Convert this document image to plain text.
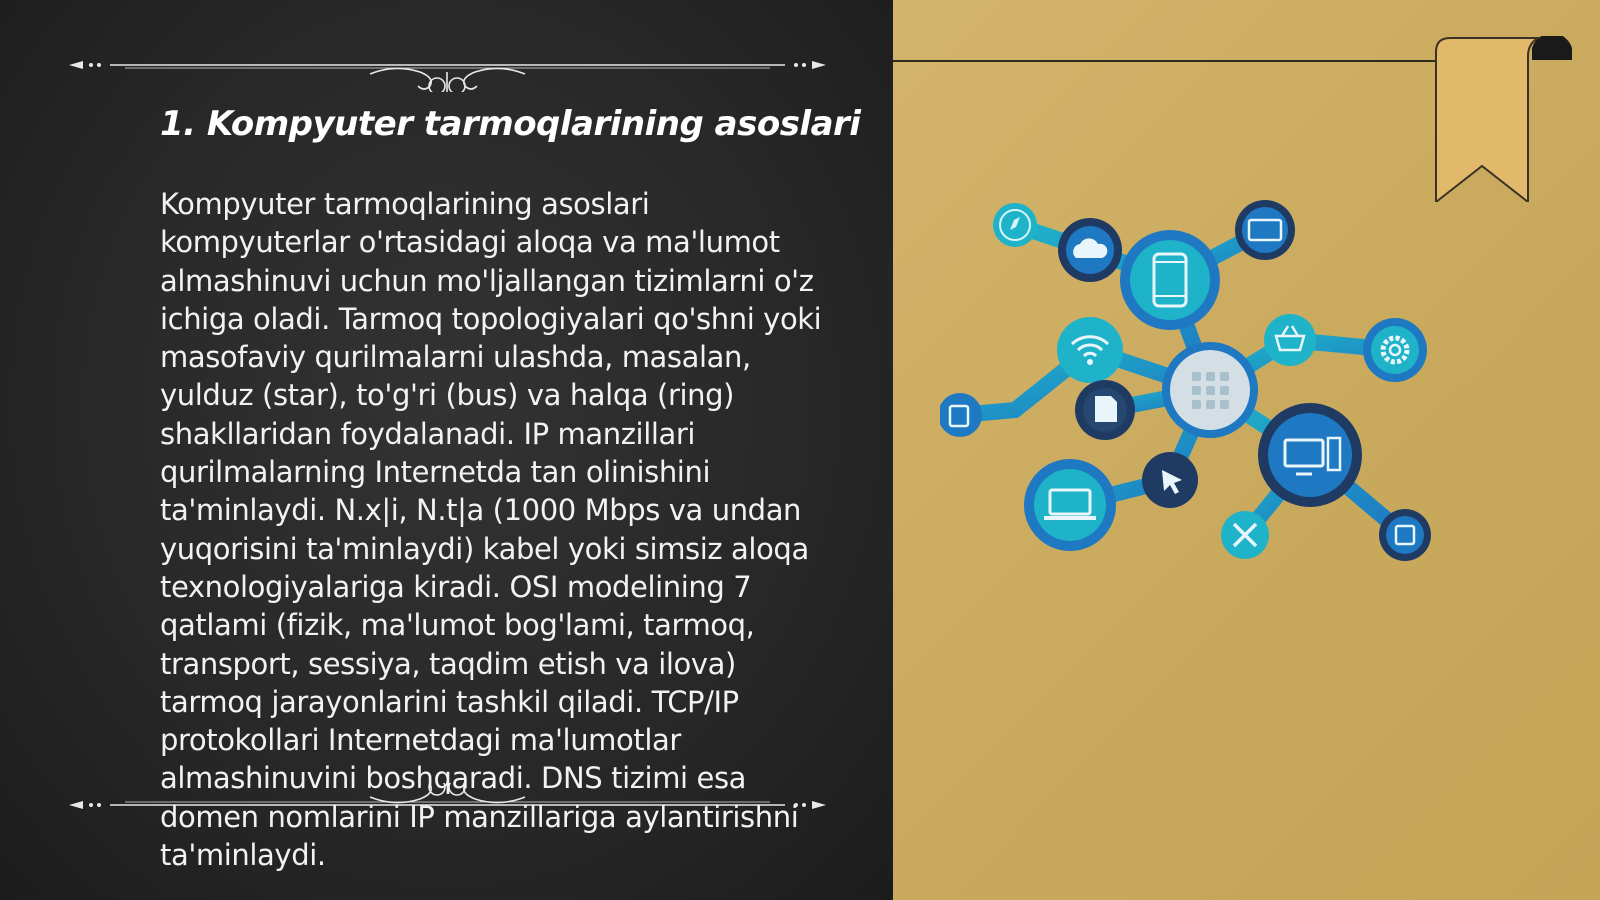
1. Kompyuter tarmoqlarining asoslari

Kompyuter tarmoqlarining asoslari kompyuterlar o'rtasidagi aloqa va ma'lumot almashinuvi uchun mo'ljallangan tizimlarni o'z ichiga oladi. Tarmoq topologiyalari qo'shni yoki masofaviy qurilmalarni ulashda, masalan, yulduz (star), to'g'ri (bus) va halqa (ring) shakllaridan foydalanadi. IP manzillari qurilmalarning Internetda tan olinishini ta'minlaydi. N.x|i, N.t|a (1000 Mbps va undan yuqorisini ta'minlaydi) kabel yoki simsiz aloqa texnologiyalariga kiradi. OSI modelining 7 qatlami (fizik, ma'lumot bog'lami, tarmoq, transport, sessiya, taqdim etish va ilova) tarmoq jarayonlarini tashkil qiladi. TCP/IP protokollari Internetdagi ma'lumotlar almashinuvini boshqaradi. DNS tizimi esa domen nomlarini IP manzillariga aylantirishni ta'minlaydi.
